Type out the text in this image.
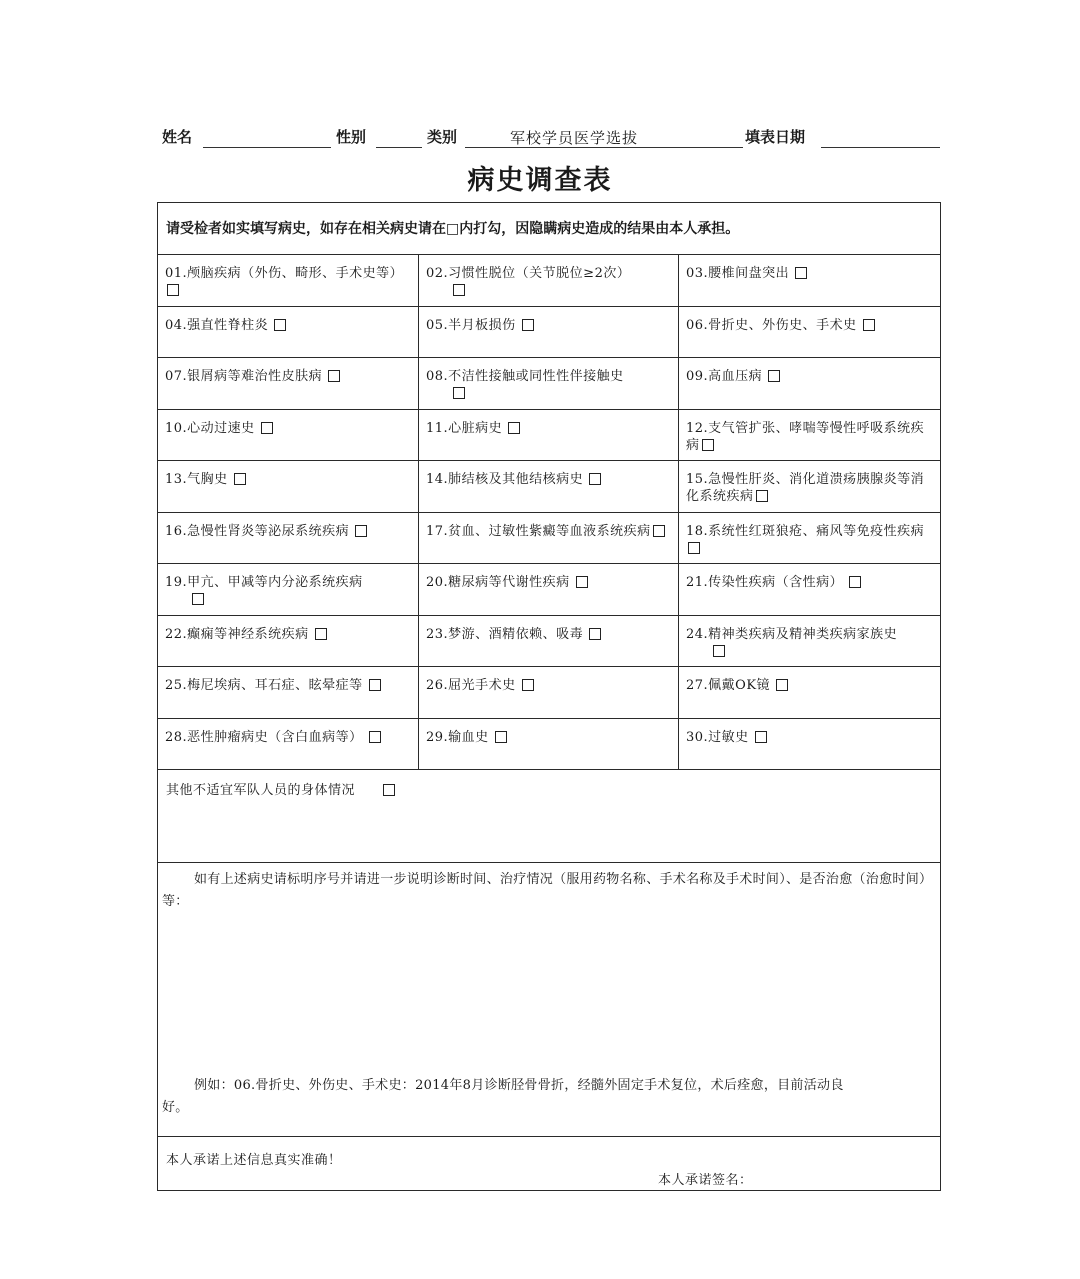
姓名	性别	类别	军校学员医学选拔	填表日期
病史调查表
请受检者如实填写病史，如存在相关病史请在□内打勾，因隐瞒病史造成的结果由本人承担。		
01.颅脑疾病（外伤、畸形、手术史等）	02.习惯性脱位（关节脱位≥2次）	03.腰椎间盘突出
04.强直性脊柱炎	05.半月板损伤	06.骨折史、外伤史、手术史
07.银屑病等难治性皮肤病	08.不洁性接触或同性性伴接触史	09.高血压病
10.心动过速史	11.心脏病史	12.支气管扩张、哮喘等慢性呼吸系统疾病
13.气胸史	14.肺结核及其他结核病史	15.急慢性肝炎、消化道溃疡胰腺炎等消化系统疾病
16.急慢性肾炎等泌尿系统疾病	17.贫血、过敏性紫癜等血液系统疾病	18.系统性红斑狼疮、痛风等免疫性疾病
19.甲亢、甲减等内分泌系统疾病	20.糖尿病等代谢性疾病	21.传染性疾病（含性病）
22.癫痫等神经系统疾病	23.梦游、酒精依赖、吸毒	24.精神类疾病及精神类疾病家族史

25.梅尼埃病、耳石症、眩晕症等	26.屈光手术史	27.佩戴OK镜
28.恶性肿瘤病史（含白血病等）	29.输血史	30.过敏史
其他不适宜军队人员的身体情况		

如有上述病史请标明序号并请进一步说明诊断时间、治疗情况（服用药物名称、手术名称及手术时间）、是否治愈（治愈时间）等：
例如：06.骨折史、外伤史、手术史：2014年8月诊断胫骨骨折，经髓外固定手术复位，术后痊愈，目前活动良好。		

本人承诺上述信息真实准确！
本人承诺签名：		
